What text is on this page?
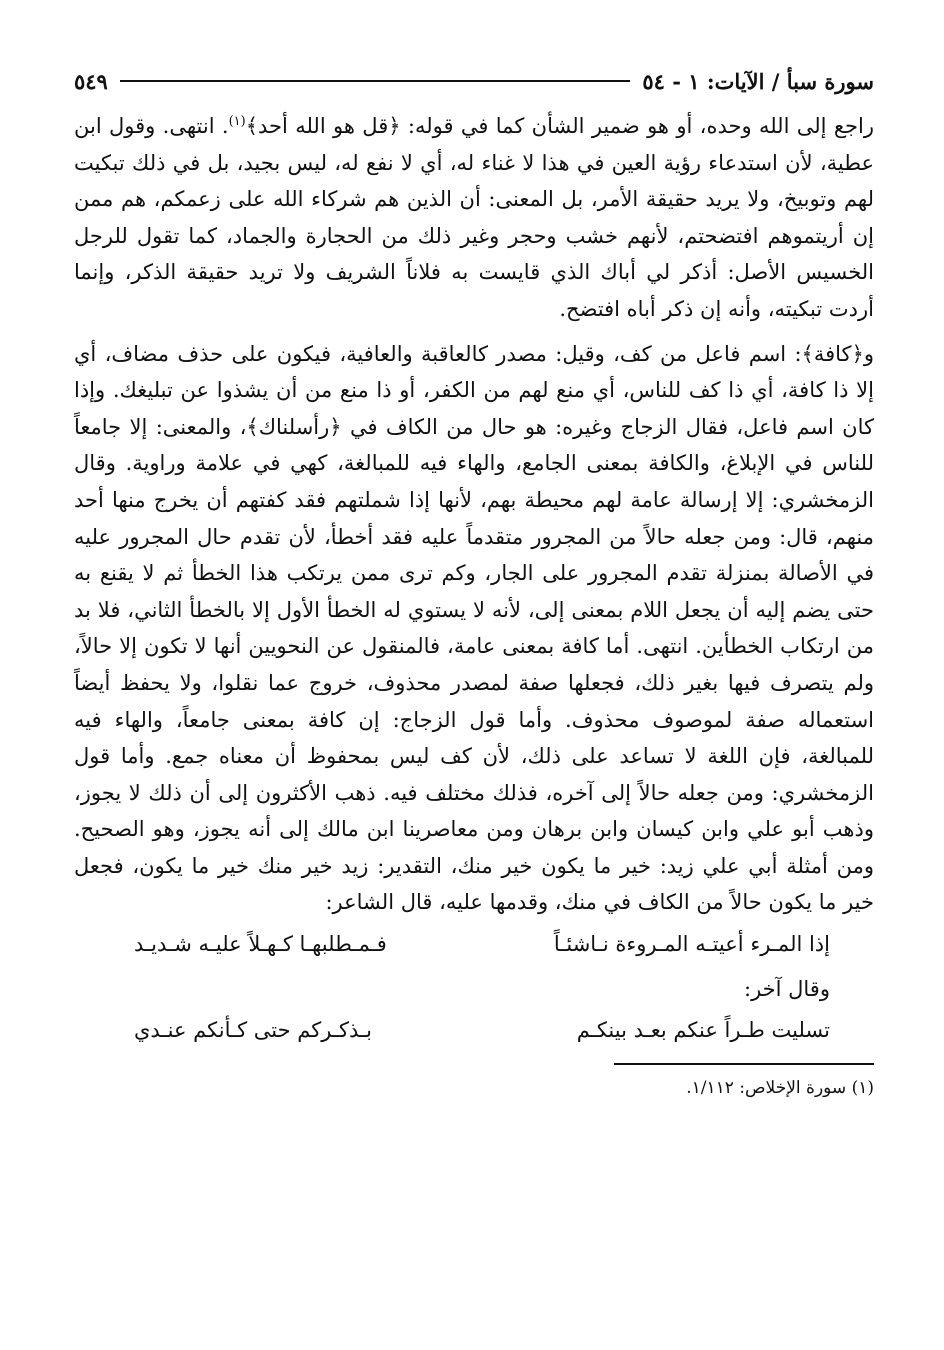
سورة سبأ / الآيات: ١ - ٥٤
٥٤٩

راجع إلى الله وحده، أو هو ضمير الشأن كما في قوله: ﴿قل هو الله أحد﴾$^{(١)}$. انتهى. وقول ابن عطية، لأن استدعاء رؤية العين في هذا لا غناء له، أي لا نفع له، ليس بجيد، بل في ذلك تبكيت لهم وتوبيخ، ولا يريد حقيقة الأمر، بل المعنى: أن الذين هم شركاء الله على زعمكم، هم ممن إن أريتموهم افتضحتم، لأنهم خشب وحجر وغير ذلك من الحجارة والجماد، كما تقول للرجل الخسيس الأصل: أذكر لي أباك الذي قايست به فلاناً الشريف ولا تريد حقيقة الذكر، وإنما أردت تبكيته، وأنه إن ذكر أباه افتضح.

و﴿كافة﴾: اسم فاعل من كف، وقيل: مصدر كالعاقبة والعافية، فيكون على حذف مضاف، أي إلا ذا كافة، أي ذا كف للناس، أي منع لهم من الكفر، أو ذا منع من أن يشذوا عن تبليغك. وإذا كان اسم فاعل، فقال الزجاج وغيره: هو حال من الكاف في ﴿رأسلناك﴾، والمعنى: إلا جامعاً للناس في الإبلاغ، والكافة بمعنى الجامع، والهاء فيه للمبالغة، كهي في علامة وراوية. وقال الزمخشري: إلا إرسالة عامة لهم محيطة بهم، لأنها إذا شملتهم فقد كفتهم أن يخرج منها أحد منهم، قال: ومن جعله حالاً من المجرور متقدماً عليه فقد أخطأ، لأن تقدم حال المجرور عليه في الأصالة بمنزلة تقدم المجرور على الجار، وكم ترى ممن يرتكب هذا الخطأ ثم لا يقنع به حتى يضم إليه أن يجعل اللام بمعنى إلى، لأنه لا يستوي له الخطأ الأول إلا بالخطأ الثاني، فلا بد من ارتكاب الخطأين. انتهى. أما كافة بمعنى عامة، فالمنقول عن النحويين أنها لا تكون إلا حالاً، ولم يتصرف فيها بغير ذلك، فجعلها صفة لمصدر محذوف، خروج عما نقلوا، ولا يحفظ أيضاً استعماله صفة لموصوف محذوف. وأما قول الزجاج: إن كافة بمعنى جامعاً، والهاء فيه للمبالغة، فإن اللغة لا تساعد على ذلك، لأن كف ليس بمحفوظ أن معناه جمع. وأما قول الزمخشري: ومن جعله حالاً إلى آخره، فذلك مختلف فيه. ذهب الأكثرون إلى أن ذلك لا يجوز، وذهب أبو علي وابن كيسان وابن برهان ومن معاصرينا ابن مالك إلى أنه يجوز، وهو الصحيح. ومن أمثلة أبي علي زيد: خير ما يكون خير منك، التقدير: زيد خير منك خير ما يكون، فجعل خير ما يكون حالاً من الكاف في منك، وقدمها عليه، قال الشاعر:

إذا المـرء أعيتـه المـروءة نـاشئـاً
فـمـطلبهـا كـهـلاً عليـه شـديـد
وقال آخر:
تسليت طـراً عنكم بعـد بينكـم
بـذكـركم حتى كـأنكم عنـدي
(١) سورة الإخلاص: ١/١١٢.
